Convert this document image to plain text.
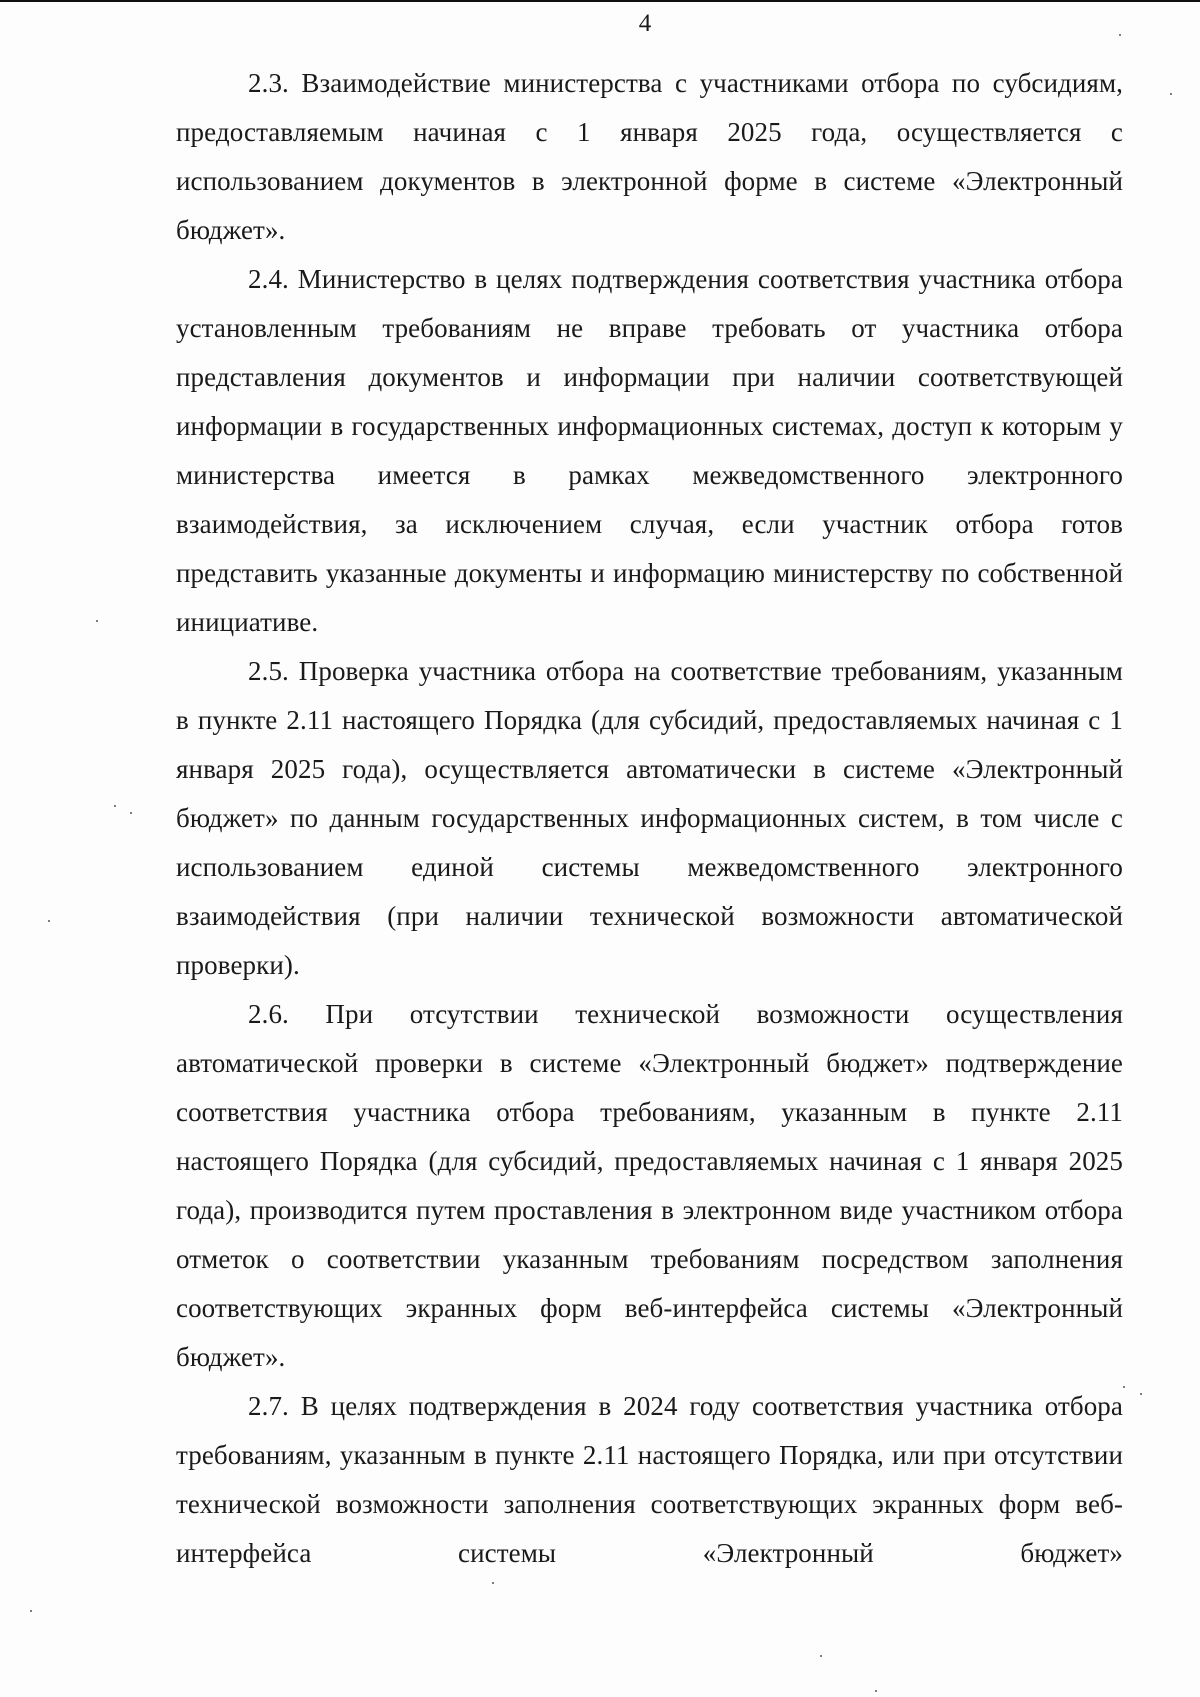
4

2.3. Взаимодействие министерства с участниками отбора по субсидиям, предоставляемым начиная с 1 января 2025 года, осуществляется с использованием документов в электронной форме в системе «Электронный бюджет».

2.4. Министерство в целях подтверждения соответствия участника отбора установленным требованиям не вправе требовать от участника отбора представления документов и информации при наличии соответствующей информации в государственных информационных системах, доступ к которым у министерства имеется в рамках межведомственного электронного взаимодействия, за исключением случая, если участник отбора готов представить указанные документы и информацию министерству по собственной инициативе.

2.5. Проверка участника отбора на соответствие требованиям, указанным в пункте 2.11 настоящего Порядка (для субсидий, предоставляемых начиная с 1 января 2025 года), осуществляется автоматически в системе «Электронный бюджет» по данным государственных информационных систем, в том числе с использованием единой системы межведомственного электронного взаимодействия (при наличии технической возможности автоматической проверки).

2.6. При отсутствии технической возможности осуществления автоматической проверки в системе «Электронный бюджет» подтверждение соответствия участника отбора требованиям, указанным в пункте 2.11 настоящего Порядка (для субсидий, предоставляемых начиная с 1 января 2025 года), производится путем проставления в электронном виде участником отбора отметок о соответствии указанным требованиям посредством заполнения соответствующих экранных форм веб-интерфейса системы «Электронный бюджет».

2.7. В целях подтверждения в 2024 году соответствия участника отбора требованиям, указанным в пункте 2.11 настоящего Порядка, или при отсутствии технической возможности заполнения соответствующих экранных форм веб-интерфейса системы «Электронный бюджет»
